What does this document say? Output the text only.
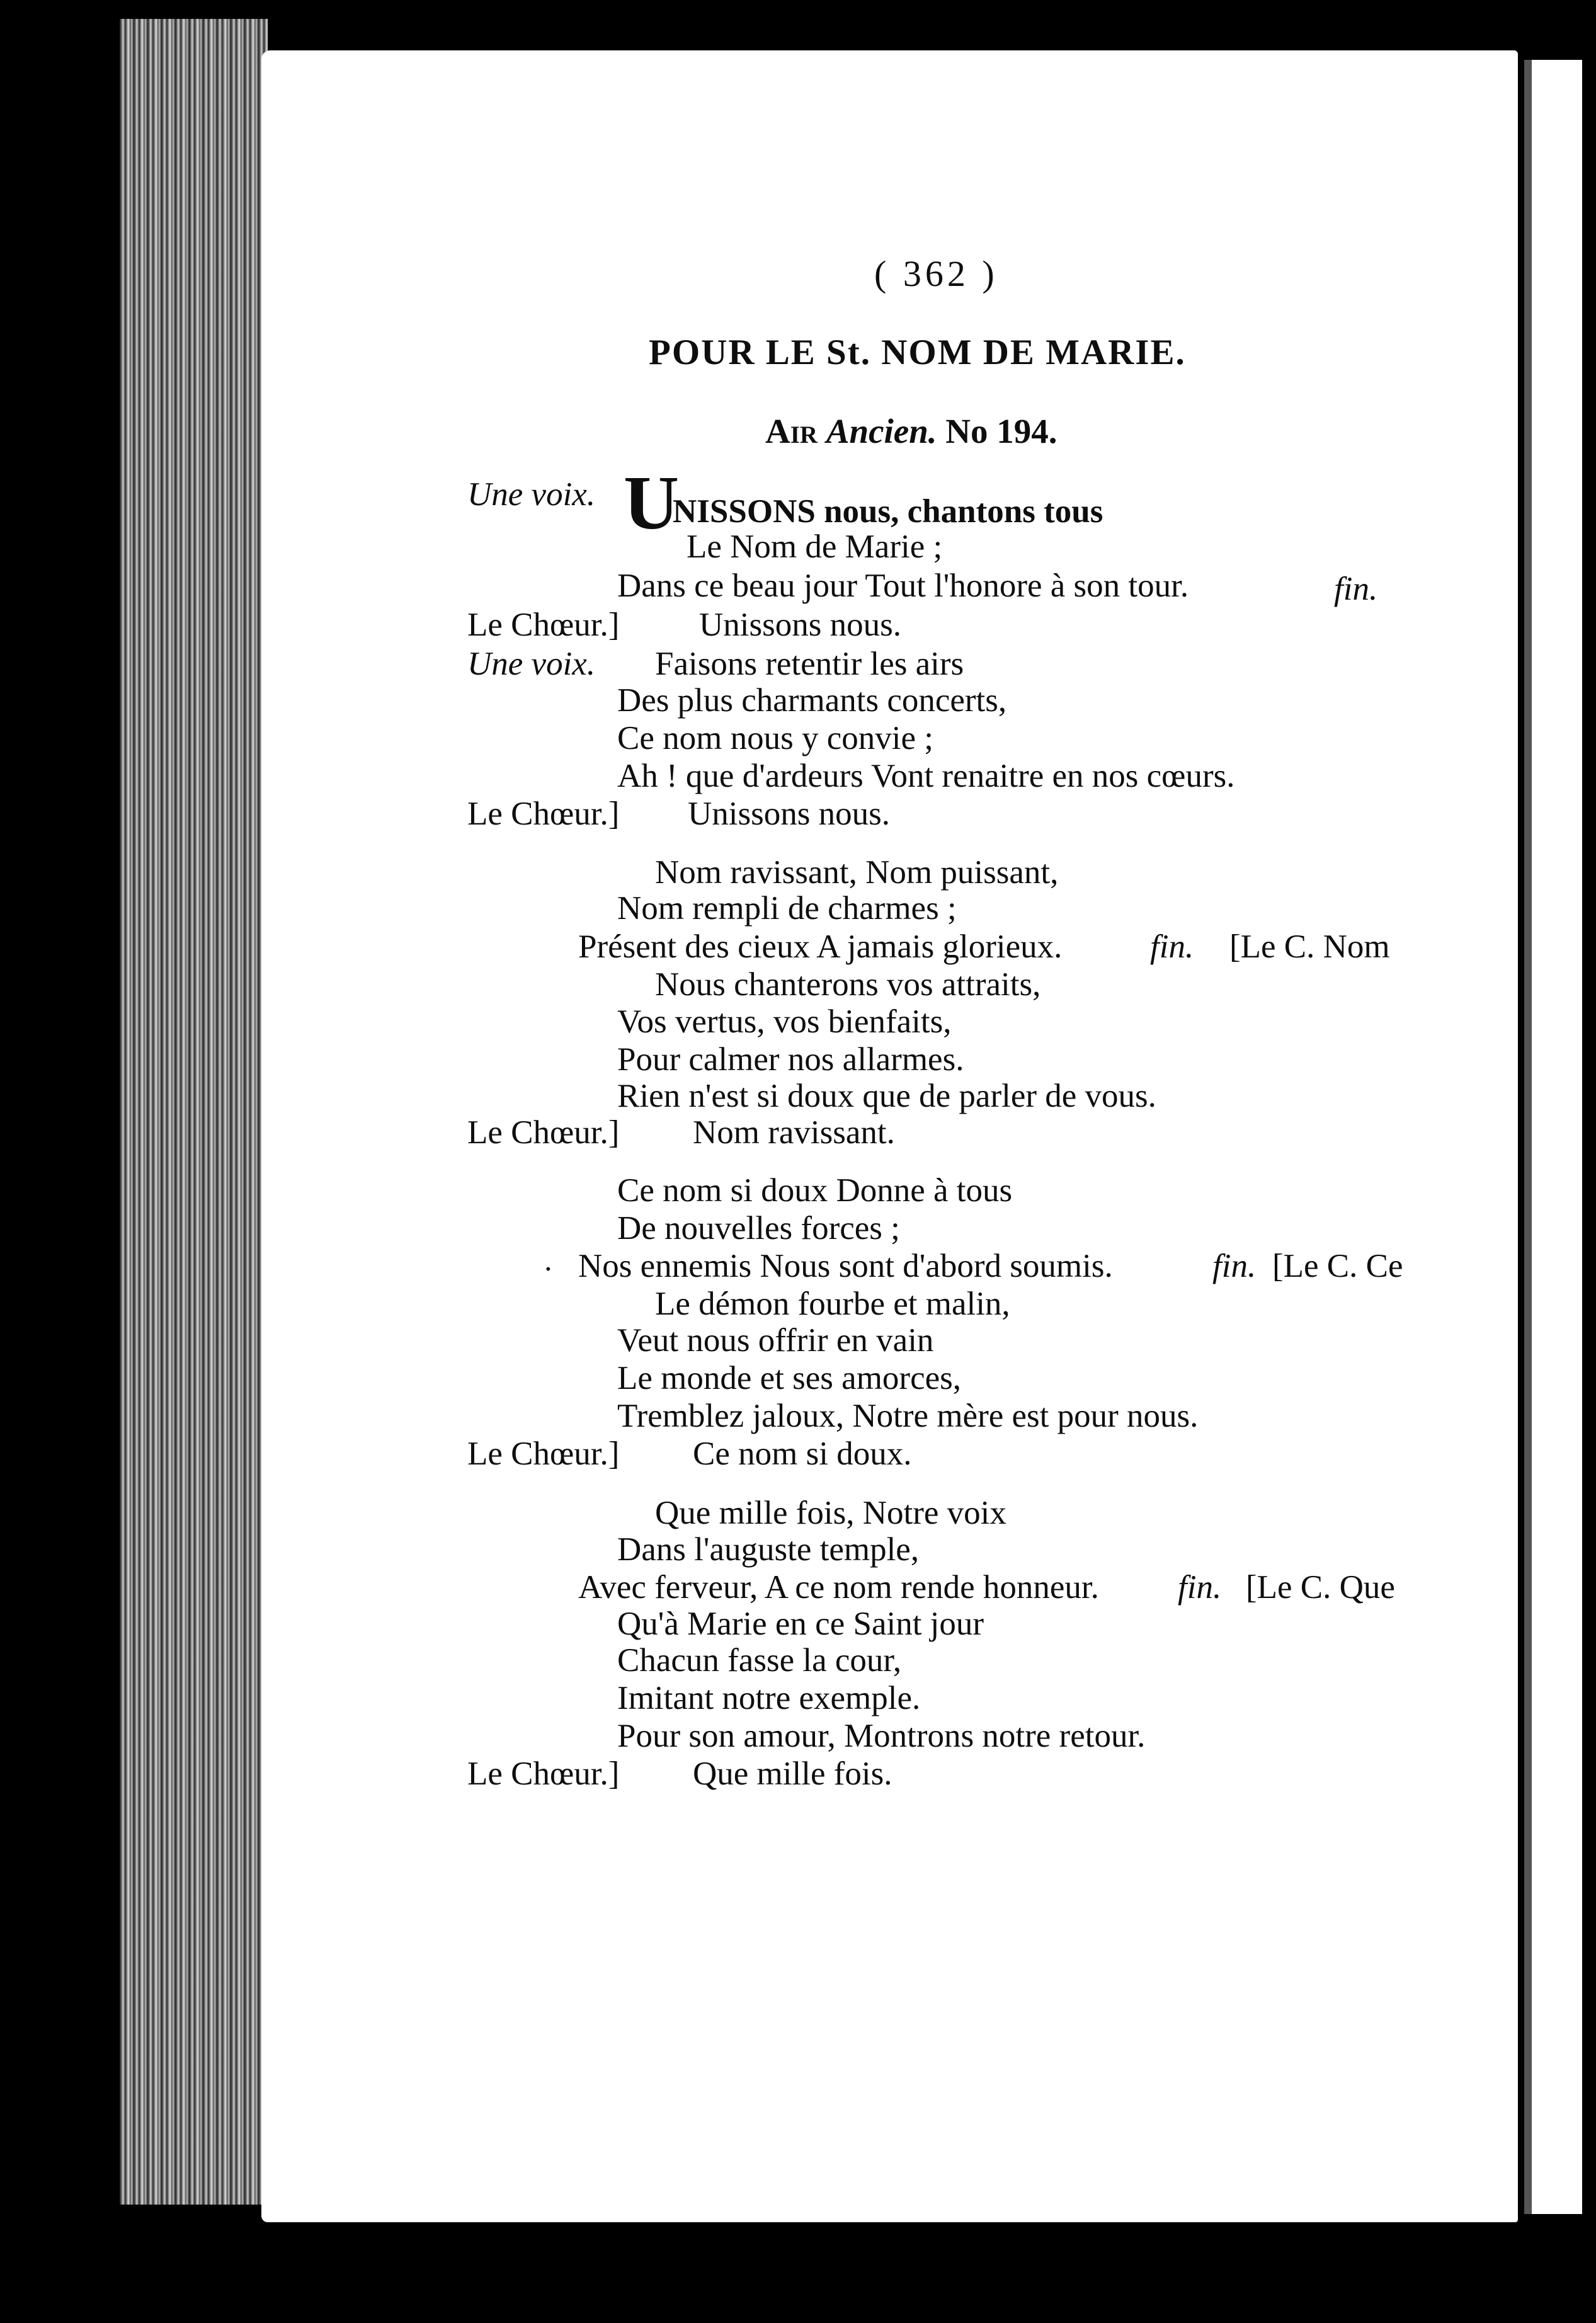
( 362 )
POUR LE St. NOM DE MARIE.
Air Ancien. No 194.
Une voix. U
NISSONS nous, chantons tous
Le Nom de Marie ;
Dans ce beau jour Tout l'honore à son tour.	fin.
Le Chœur.] Unissons nous.
Une voix. Faisons retentir les airs
Des plus charmants concerts,
Ce nom nous y convie ;
Ah ! que d'ardeurs Vont renaitre en nos cœurs.
Le Chœur.] Unissons nous.
Nom ravissant, Nom puissant,
Nom rempli de charmes ;
Présent des cieux A jamais glorieux.	fin. [Le C. Nom
Nous chanterons vos attraits,
Vos vertus, vos bienfaits,
Pour calmer nos allarmes.
Rien n'est si doux que de parler de vous.
Le Chœur.] Nom ravissant.
Ce nom si doux Donne à tous
De nouvelles forces ;
· Nos ennemis Nous sont d'abord soumis.	fin. [Le C. Ce
Le démon fourbe et malin,
Veut nous offrir en vain
Le monde et ses amorces,
Tremblez jaloux, Notre mère est pour nous.
Le Chœur.] Ce nom si doux.
Que mille fois, Notre voix
Dans l'auguste temple,
Avec ferveur, A ce nom rende honneur. fin. [Le C. Que
Qu'à Marie en ce Saint jour
Chacun fasse la cour,
Imitant notre exemple.
Pour son amour, Montrons notre retour.
Le Chœur.] Que mille fois.
